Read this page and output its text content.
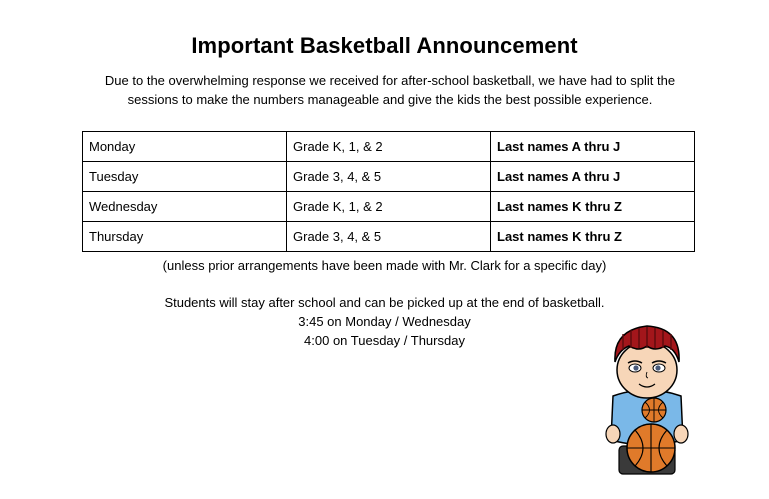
Important Basketball Announcement
Due to the overwhelming response we received for after-school basketball, we have had to split the sessions to make the numbers manageable and give the kids the best possible experience.
Monday	Grade K, 1, & 2	Last names A thru J
Tuesday	Grade 3, 4, & 5	Last names A thru J
Wednesday	Grade K, 1, & 2	Last names K thru Z
Thursday	Grade 3, 4, & 5	Last names K thru Z
(unless prior arrangements have been made with Mr. Clark for a specific day)
Students will stay after school and can be picked up at the end of basketball.
3:45 on Monday / Wednesday
4:00 on Tuesday / Thursday
